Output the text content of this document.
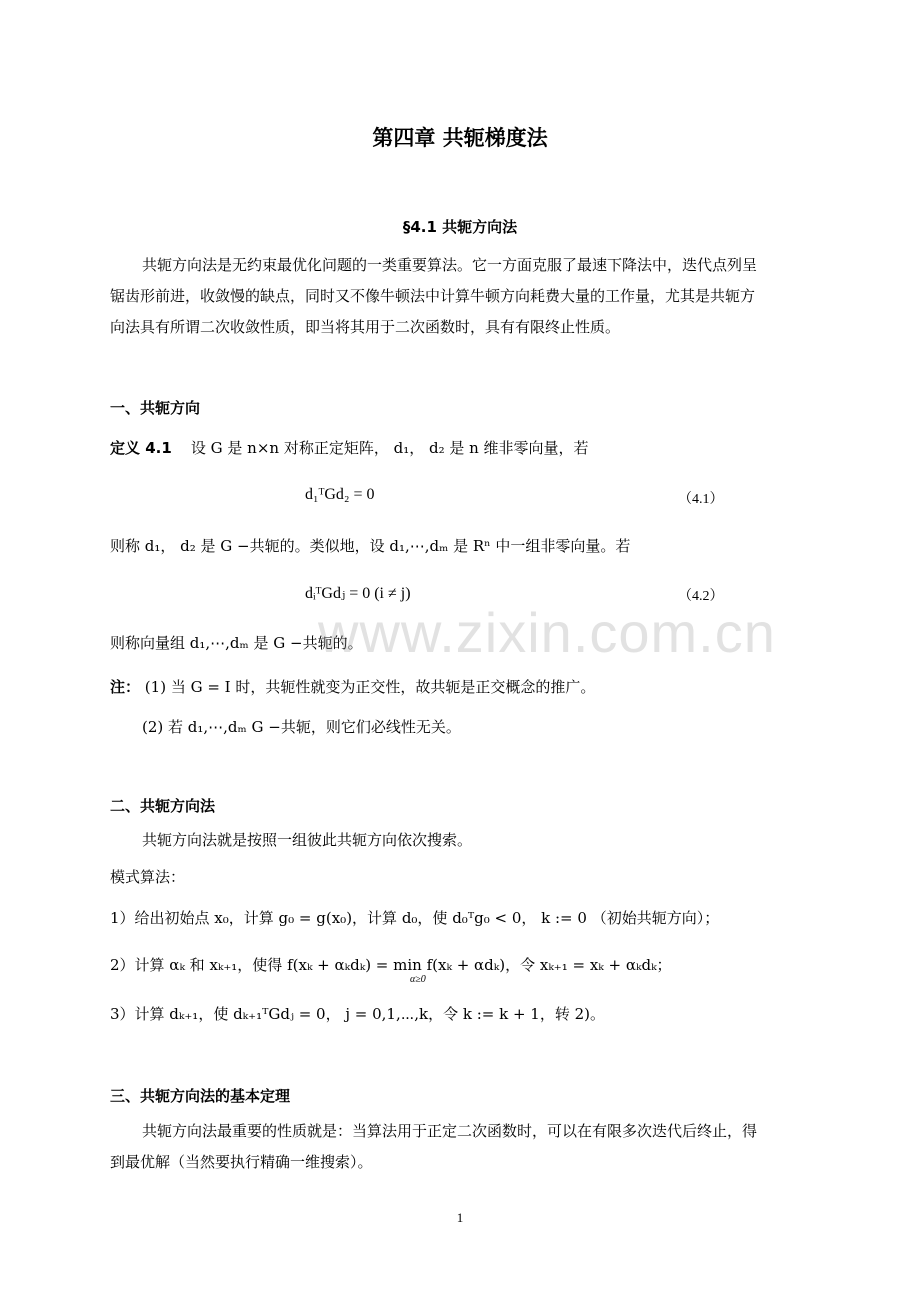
第四章 共轭梯度法
§4.1 共轭方向法
共轭方向法是无约束最优化问题的一类重要算法。它一方面克服了最速下降法中，迭代点列呈
锯齿形前进，收敛慢的缺点，同时又不像牛顿法中计算牛顿方向耗费大量的工作量，尤其是共轭方
向法具有所谓二次收敛性质，即当将其用于二次函数时，具有有限终止性质。
一、共轭方向
定义 4.1 设 G 是 n×n 对称正定矩阵， d₁， d₂ 是 n 维非零向量，若
d₁ᵀGd₂ = 0	（4.1）
则称 d₁， d₂ 是 G −共轭的。类似地，设 d₁,⋯,dₘ 是 Rⁿ 中一组非零向量。若
dᵢᵀGdⱼ = 0 (i ≠ j)	（4.2）
则称向量组 d₁,⋯,dₘ 是 G −共轭的。
www.zixin.com.cn
注： (1) 当 G = I 时，共轭性就变为正交性，故共轭是正交概念的推广。
(2) 若 d₁,⋯,dₘ G −共轭，则它们必线性无关。
二、共轭方向法
共轭方向法就是按照一组彼此共轭方向依次搜索。
模式算法：
1）给出初始点 x₀，计算 g₀ = g(x₀)，计算 d₀，使 d₀ᵀg₀ < 0， k := 0 （初始共轭方向）；
2）计算 αₖ 和 xₖ₊₁，使得 f(xₖ + αₖdₖ) = min f(xₖ + αdₖ)，令 xₖ₊₁ = xₖ + αₖdₖ；
α≥0
3）计算 dₖ₊₁，使 dₖ₊₁ᵀGdⱼ = 0， j = 0,1,⋯,k，令 k := k + 1，转 2)。
三、共轭方向法的基本定理
共轭方向法最重要的性质就是：当算法用于正定二次函数时，可以在有限多次迭代后终止，得
到最优解（当然要执行精确一维搜索）。
1
